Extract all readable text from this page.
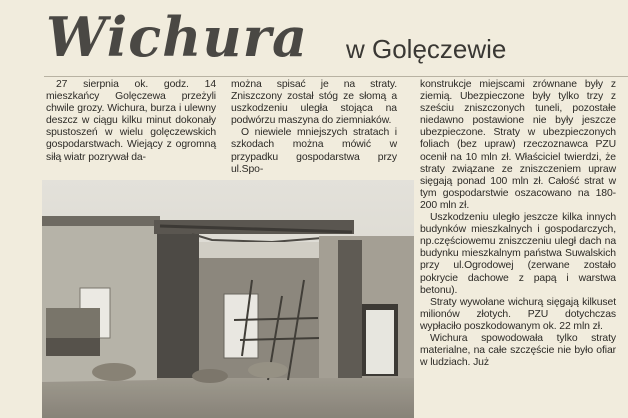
Wichura w Golęczewie

27 sierpnia ok. godz. 14 mieszkańcy Golęczewa przeżyli chwile grozy. Wichura, burza i ulewny deszcz w ciągu kilku minut dokonały spustoszeń w wielu golęczewskich gospodarstwach. Wiejący z ogromną siłą wiatr pozrywał da-

można spisać je na straty. Zniszczony został stóg ze słomą a uszkodzeniu uległa stojąca na podwórzu maszyna do ziemniaków.

O niewiele mniejszych stratach i szkodach można mówić w przypadku gospodarstwa przy ul.Spo-

konstrukcje miejscami zrównane były z ziemią. Ubezpieczone były tylko trzy z sześciu zniszczonych tuneli, pozostałe niedawno postawione nie były jeszcze ubezpieczone. Straty w ubezpieczonych foliach (bez upraw) rzeczoznawca PZU ocenił na 10 mln zł. Właściciel twierdzi, że straty związane ze zniszczeniem upraw sięgają ponad 100 mln zł. Całość strat w tym gospodarstwie oszacowano na 180- 200 mln zł.

Uszkodzeniu uległo jeszcze kilka innych budynków mieszkalnych i gospodarczych, np.częściowemu zniszczeniu uległ dach na budynku mieszkalnym państwa Suwalskich przy ul.Ogrodowej (zerwane zostało pokrycie dachowe z papą i warstwa betonu).

Straty wywołane wichurą sięgają kilkuset milionów złotych. PZU dotychczas wypłaciło poszkodowanym ok. 22 mln zł.

Wichura spowodowała tylko straty materialne, na całe szczęście nie było ofiar w ludziach. Już
